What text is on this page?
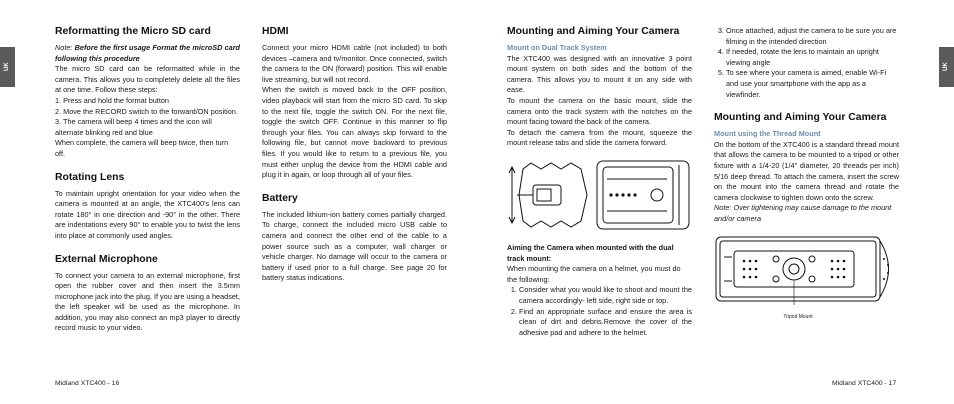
UK	UK
Reformatting the Micro SD card

Note: Before the first usage Format the microSD card following this procedure

The micro SD card can be reformatted while in the camera. This allows you to completely delete all the files at one time. Follow these steps:

1. Press and hold the format button

2. Move the RECORD switch to the forward/ON position.

3. The camera will beep 4 times and the icon will alternate blinking red and blue

When complete, the camera will beep twice, then turn off.

Rotating Lens

To maintain upright orientation for your video when the camera is mounted at an angle, the XTC400's lens can rotate 180° in one direction and -90° in the other. There are indentations every 90° to enable you to twist the lens into place at commonly used angles.

External Microphone

To connect your camera to an external microphone, first open the rubber cover and then insert the 3.5mm microphone jack into the plug. If you are using a headset, the left speaker will be used as the microphone. In addition, you may also connect an mp3 player to directly record music to your video.

HDMI

Connect your micro HDMI cable (not included) to both devices –camera and tv/monitor. Once connected, switch the camera to the ON (forward) position. This will enable live streaming, but will not record.

When the switch is moved back to the OFF position, video playback will start from the micro SD card. To skip to the next file, toggle the switch ON. For the next file, toggle the switch OFF. Continue in this manner to flip through your files. You can always skip forward to the following file, but cannot move backward to previous files. If you would like to return to a previous file, you must either unplug the device from the HDMI cable and plug it in again, or loop through all of your files.

Battery

The included lithium-ion battery comes partially charged. To charge, connect the included micro USB cable to camera and connect the other end of the cable to a power source such as a computer, wall charger or vehicle charger. No damage will occur to the camera or battery if used prior to a full charge. See page 20 for battery status indications.

Mounting and Aiming Your Camera

Mount on Dual Track System

The XTC400 was designed with an innovative 3 point mount system on both sides and the bottom of the camera. This allows you to mount it on any side with ease.

To mount the camera on the basic mount, slide the camera onto the track system with the notches on the mount facing toward the back of the camera.

To detach the camera from the mount, squeeze the mount release tabs and slide the camera forward.

Aiming the Camera when mounted with the dual track mount:

When mounting the camera on a helmet, you must do the following:

1. Consider what you would like to shoot and mount the camera accordingly- left side, right side or top.
2. Find an appropriate surface and ensure the area is clean of dirt and debris.Remove the cover of the adhesive pad and adhere to the helmet.
3. Once attached, adjust the camera to be sure you are filming in the intended direction
4. If needed, rotate the lens to maintain an upright viewing angle
5. To see where your camera is aimed, enable Wi-Fi and use your smartphone with the app as a viewfinder.
Mounting and Aiming Your Camera

Mount using the Thread Mount

On the bottom of the XTC400 is a standard thread mount that allows the camera to be mounted to a tripod or other fixture with a 1/4-20 (1/4" diameter, 20 threads per inch) 5/16 deep thread. To attach the camera, insert the screw on the mount into the camera thread and rotate the camera clockwise to tighten down onto the screw.

Note: Over tightening may cause damage to the mount and/or camera

Tripod Mount
Midland XTC400 - 16	Midland XTC400 - 17
